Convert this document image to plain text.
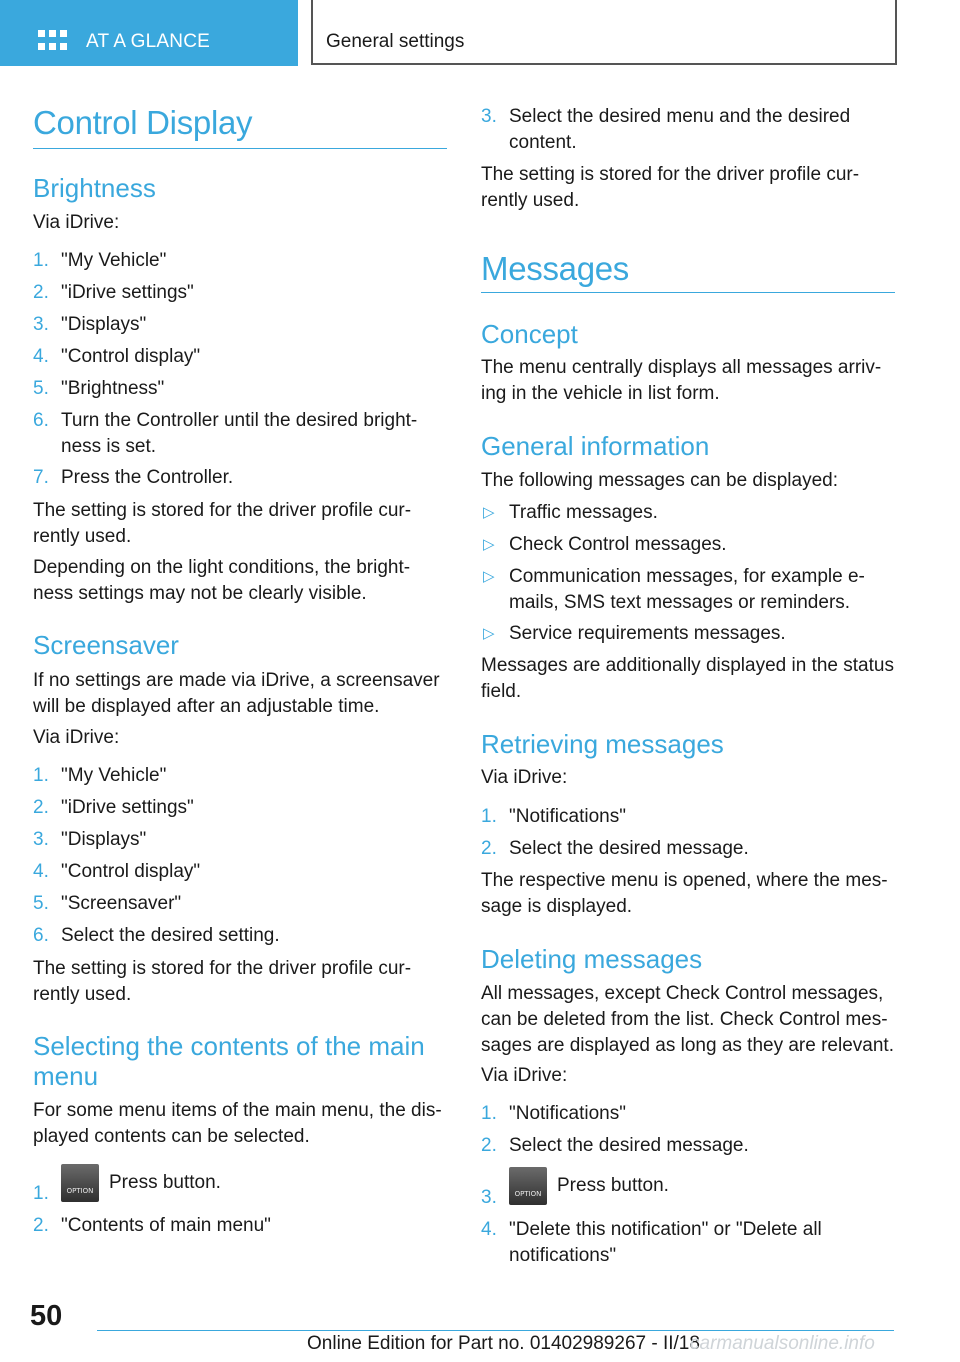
AT A GLANCE	General settings
Control Display
Brightness

Via iDrive:

1. "My Vehicle"
2. "iDrive settings"
3. "Displays"
4. "Control display"
5. "Brightness"
6. Turn the Controller until the desired bright-ness is set.
7. Press the Controller.

The setting is stored for the driver profile cur-rently used.

Depending on the light conditions, the bright-ness settings may not be clearly visible.

Screensaver

If no settings are made via iDrive, a screensaver will be displayed after an adjustable time.

Via iDrive:

1. "My Vehicle"
2. "iDrive settings"
3. "Displays"
4. "Control display"
5. "Screensaver"
6. Select the desired setting.

The setting is stored for the driver profile cur-rently used.

Selecting the contents of the main menu

For some menu items of the main menu, the dis-played contents can be selected.

1.	OPTION Press button.
2. "Contents of main menu"
3. Select the desired menu and the desired content.

The setting is stored for the driver profile cur-rently used.

Messages
Concept

The menu centrally displays all messages arriv-ing in the vehicle in list form.

General information

The following messages can be displayed:

▷ Traffic messages.
▷ Check Control messages.
▷ Communication messages, for example e-mails, SMS text messages or reminders.
▷ Service requirements messages.

Messages are additionally displayed in the status field.

Retrieving messages

Via iDrive:

1. "Notifications"
2. Select the desired message.

The respective menu is opened, where the mes-sage is displayed.

Deleting messages

All messages, except Check Control messages, can be deleted from the list. Check Control mes-sages are displayed as long as they are relevant.

Via iDrive:

1. "Notifications"
2. Select the desired message.
3.	OPTION Press button.
4. "Delete this notification" or "Delete all notifications"
50
Online Edition for Part no. 01402989267 - II/18
carmanualsonline.info
